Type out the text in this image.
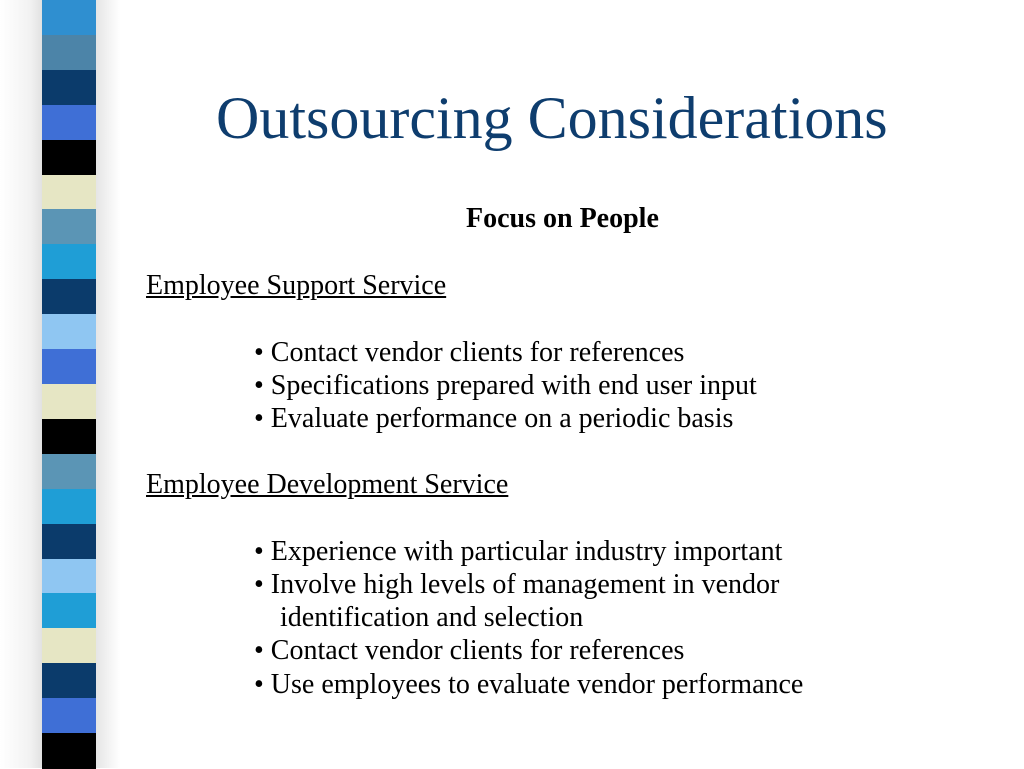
Outsourcing Considerations
Focus on People
Employee Support Service
• Contact vendor clients for references
• Specifications prepared with end user input
• Evaluate performance on a periodic basis
Employee Development Service
• Experience with particular industry important
• Involve high levels of management in vendor
identification and selection
• Contact vendor clients for references
• Use employees to evaluate vendor performance
